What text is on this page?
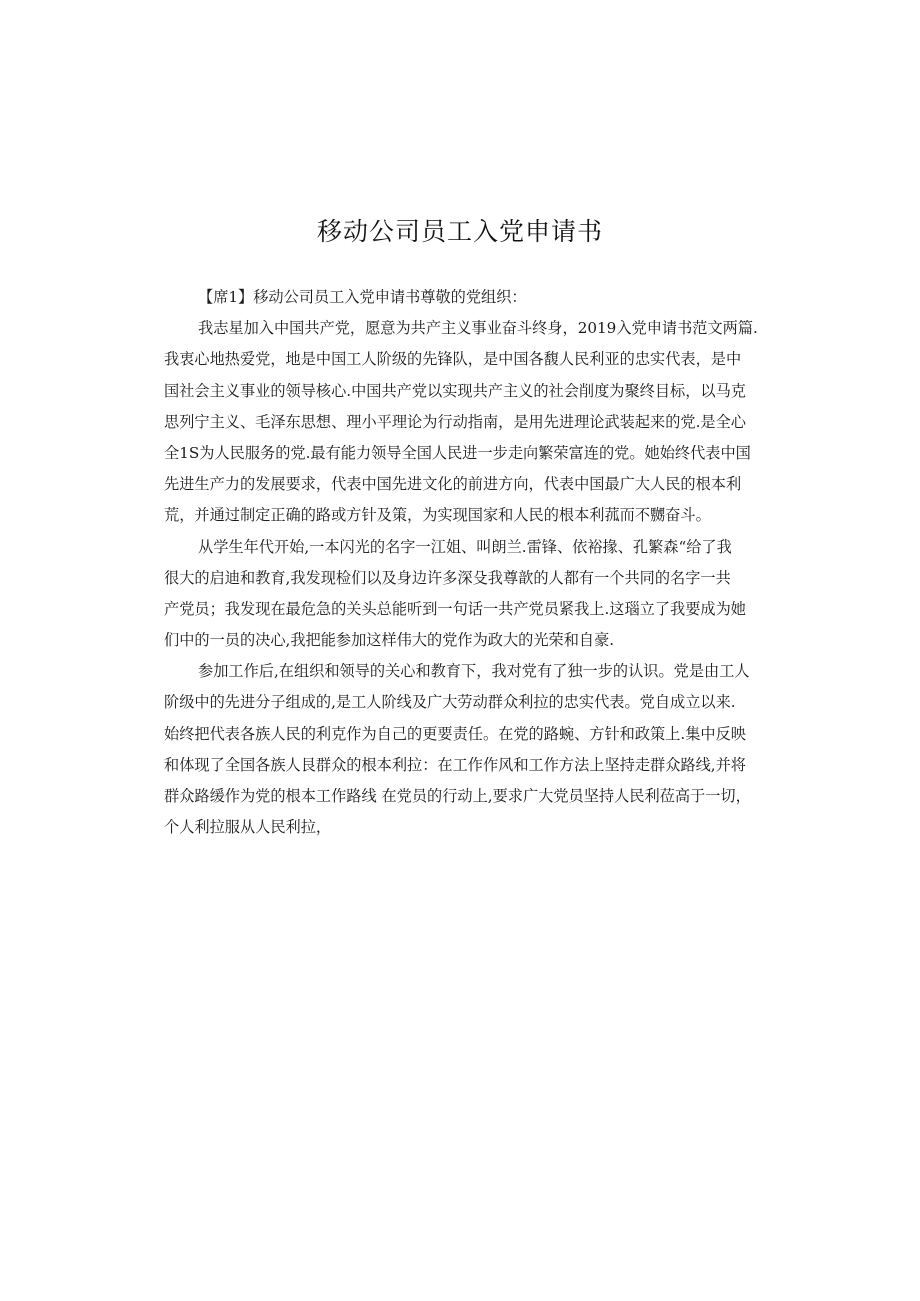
移动公司员工入党申请书
【席1】移动公司员工入党申请书尊敬的党组织：
我志星加入中国共产党，愿意为共产主义事业奋斗终身，2019入党申请书范文两篇.
我衷心地热爱党，地是中国工人阶级的先锋队，是中国各馥人民利亚的忠实代表，是中
国社会主义事业的领导核心.中国共产党以实现共产主义的社会削度为聚终目标，以马克
思列宁主义、毛泽东思想、理小平理论为行动指南，是用先进理论武装起来的党.是全心
全1S为人民服务的党.最有能力领导全国人民进一步走向繁荣富连的党。她始终代表中国
先进生产力的发展要求，代表中国先进文化的前进方向，代表中国最广大人民的根本利
荒，并通过制定正确的路或方针及策，为实现国家和人民的根本利菰而不嬲奋斗。
从学生年代开始,一本闪光的名字一江姐、叫朗兰.雷锋、依裕掾、孔繁森“给了我
很大的启迪和教育,我发现检们以及身边许多深殳我尊歆的人都有一个共同的名字一共
产党员；我发现在最危急的关头总能听到一句话一共产党员紧我上.这瑙立了我要成为她
们中的一员的决心,我把能参加这样伟大的党作为政大的光荣和自豪.
参加工作后,在组织和领导的关心和教育下，我对党有了独一步的认识。党是由工人
阶级中的先进分子组成的,是工人阶线及广大劳动群众利拉的忠实代表。党自成立以来.
始终把代表各族人民的利克作为自己的更要责任。在党的路蜿、方针和政策上.集中反映
和体现了全国各族人艮群众的根本利拉：在工作作风和工作方法上坚持走群众路线,并将
群众路缓作为党的根本工作路线 在党员的行动上,要求广大党员坚持人民利莅高于一切，
个人利拉服从人民利拉，
